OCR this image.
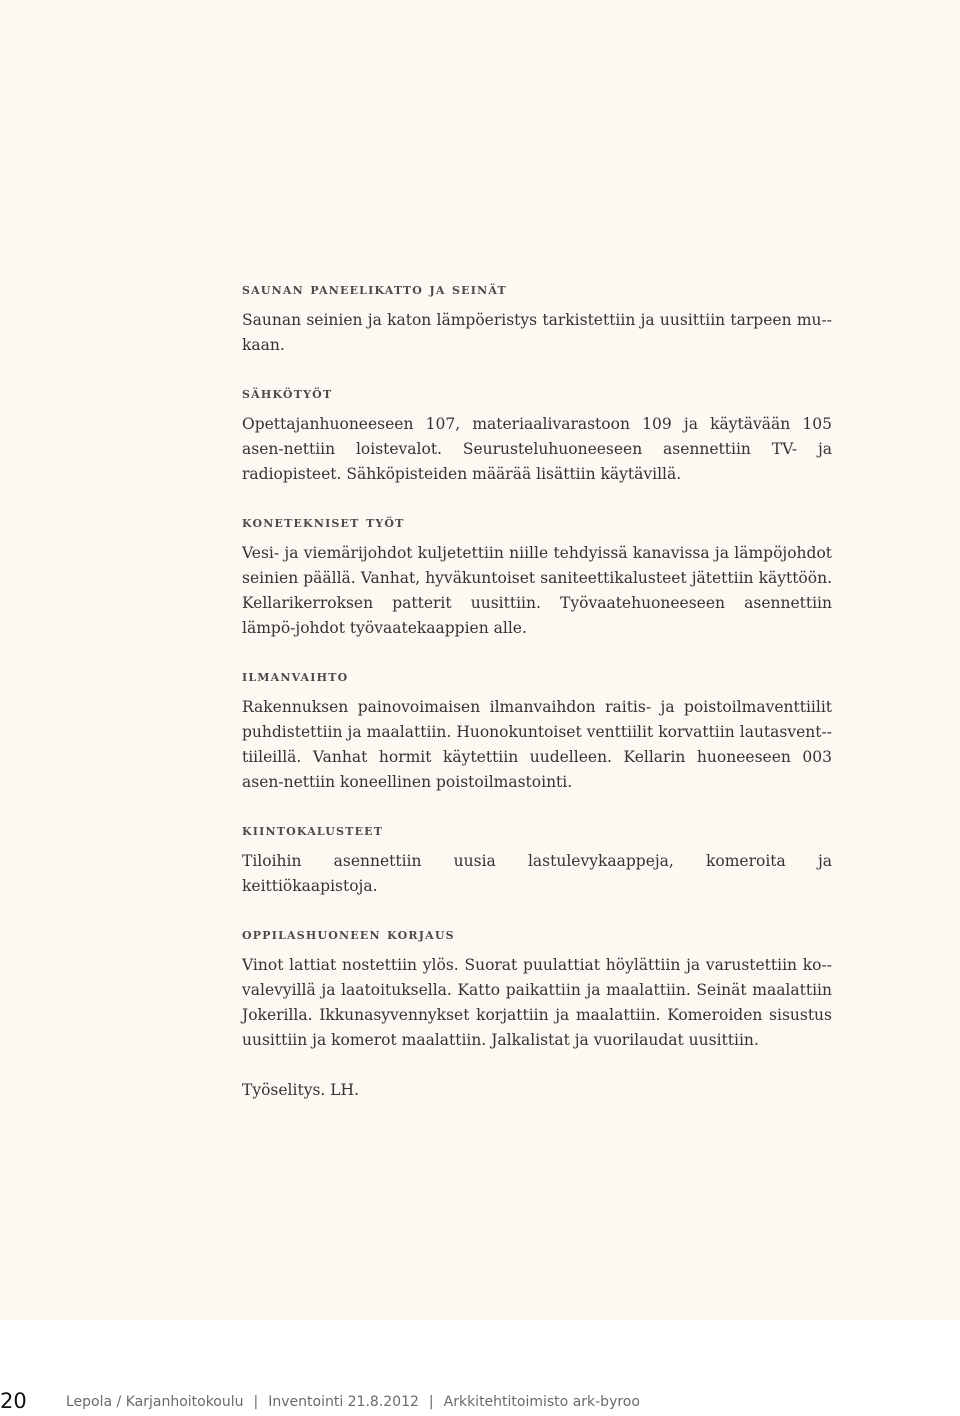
saunan paneelikatto ja seinät

Saunan seinien ja katon lämpöeristys tarkistettiin ja uusittiin tarpeen mu-kaan.

sähkötyöt

Opettajanhuoneeseen 107, materiaalivarastoon 109 ja käytävään 105 asen-nettiin loistevalot. Seurusteluhuoneeseen asennettiin TV- ja radiopisteet. Sähköpisteiden määrää lisättiin käytävillä.

konetekniset työt

Vesi- ja viemärijohdot kuljetettiin niille tehdyissä kanavissa ja lämpöjohdot seinien päällä. Vanhat, hyväkuntoiset saniteettikalusteet jätettiin käyttöön. Kellarikerroksen patterit uusittiin. Työvaatehuoneeseen asennettiin lämpö-johdot työvaatekaappien alle.

ilmanvaihto

Rakennuksen painovoimaisen ilmanvaihdon raitis- ja poistoilmaventtiilit puhdistettiin ja maalattiin. Huonokuntoiset venttiilit korvattiin lautasvent-tiileillä. Vanhat hormit käytettiin uudelleen. Kellarin huoneeseen 003 asen-nettiin koneellinen poistoilmastointi.

kiintokalusteet

Tiloihin asennettiin uusia lastulevykaappeja, komeroita ja keittiökaapistoja.

oppilashuoneen korjaus

Vinot lattiat nostettiin ylös. Suorat puulattiat höylättiin ja varustettiin ko-valevyillä ja laatoituksella. Katto paikattiin ja maalattiin. Seinät maalattiin Jokerilla. Ikkunasyvennykset korjattiin ja maalattiin. Komeroiden sisustus uusittiin ja komerot maalattiin. Jalkalistat ja vuorilaudat uusittiin.

Työselitys. LH.

20	Lepola / Karjanhoitokoulu | Inventointi 21.8.2012 | Arkkitehtitoimisto ark-byroo
